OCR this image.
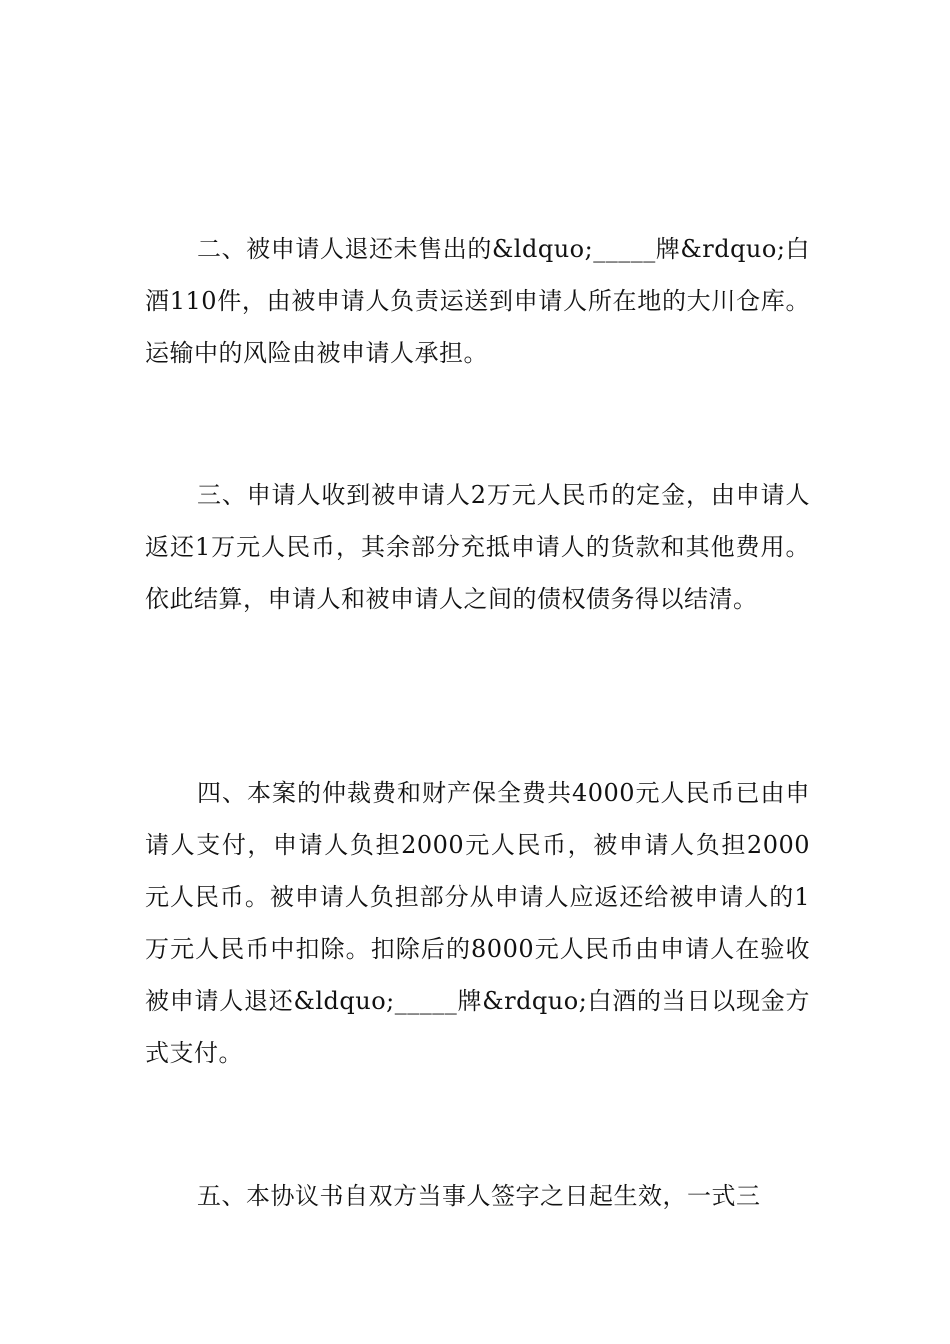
二、被申请人退还未售出的&ldquo;_____牌&rdquo;白酒110件，由被申请人负责运送到申请人所在地的大川仓库。运输中的风险由被申请人承担。

三、申请人收到被申请人2万元人民币的定金，由申请人返还1万元人民币，其余部分充抵申请人的货款和其他费用。依此结算，申请人和被申请人之间的债权债务得以结清。

四、本案的仲裁费和财产保全费共4000元人民币已由申请人支付，申请人负担2000元人民币，被申请人负担2000元人民币。被申请人负担部分从申请人应返还给被申请人的1万元人民币中扣除。扣除后的8000元人民币由申请人在验收被申请人退还&ldquo;_____牌&rdquo;白酒的当日以现金方式支付。

五、本协议书自双方当事人签字之日起生效，一式三
